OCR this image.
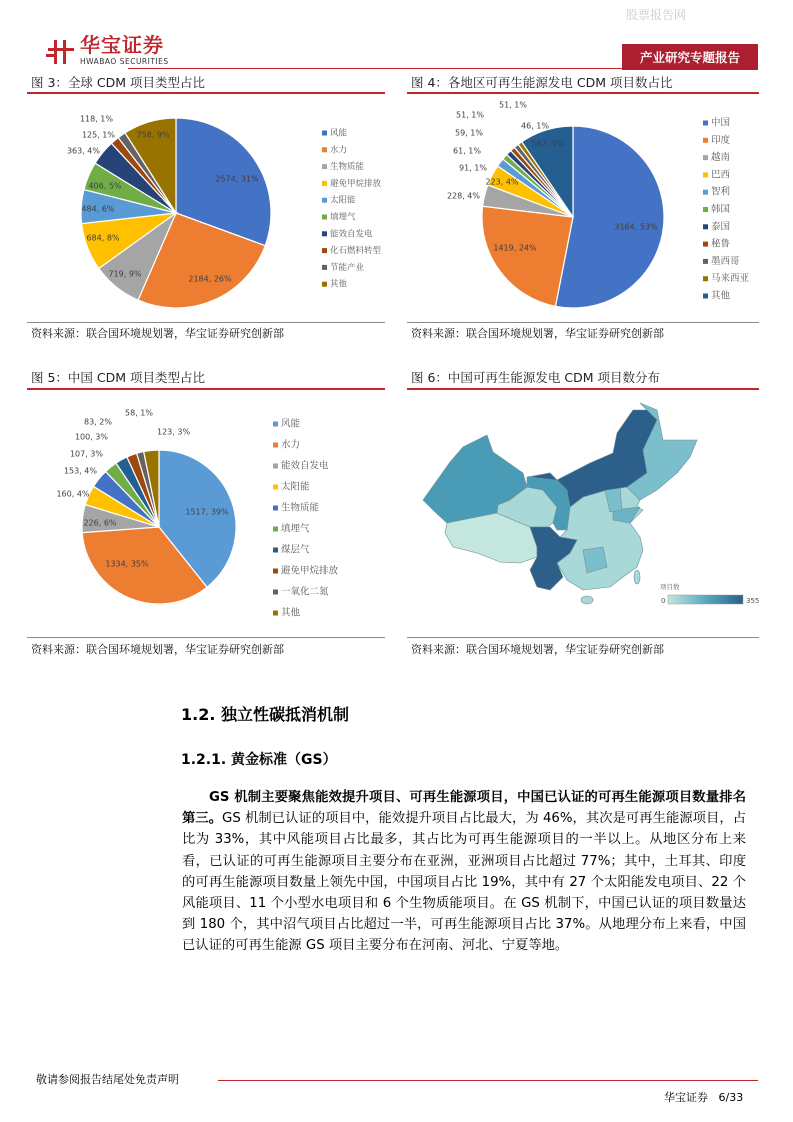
股票报告网
华宝证券
HWABAO SECURITIES	产业研究专题报告
图 3：全球 CDM 项目类型占比	图 4：各地区可再生能源发电 CDM 项目数占比
2574, 31%
2184, 26%
719, 9%
684, 8%
484, 6%
406, 5%
363, 4%
125, 1%
118, 1%
758, 9%	风能
水力
生物质能
避免甲烷排放
太阳能
填埋气
能效自发电
化石燃料转型
节能产业
其他
3164, 53%
1419, 24%
228, 4%
223, 4%
91, 1%
61, 1%
59, 1%
51, 1%
51, 1%
46, 1%
567, 9%
中国
印度
越南
巴西
智利
韩国
泰国
秘鲁
墨西哥
马来西亚
其他
资料来源：联合国环境规划署，华宝证券研究创新部	资料来源：联合国环境规划署，华宝证券研究创新部
图 5：中国 CDM 项目类型占比	图 6：中国可再生能源发电 CDM 项目数分布
1517, 39%
1334, 35%
226, 6%
160, 4%
153, 4%
107, 3%
100, 3%
83, 2%
58, 1%
123, 3%
风能
水力
能效自发电
太阳能
生物质能
填埋气
煤层气
避免甲烷排放
一氧化二氮
其他
项目数
0	355
资料来源：联合国环境规划署，华宝证券研究创新部	资料来源：联合国环境规划署，华宝证券研究创新部
1.2. 独立性碳抵消机制
1.2.1. 黄金标准（GS）
GS 机制主要聚焦能效提升项目、可再生能源项目，中国已认证的可再生能源项目数量排名第三。GS 机制已认证的项目中，能效提升项目占比最大，为 46%，其次是可再生能源项目，占比为 33%，其中风能项目占比最多，其占比为可再生能源项目的一半以上。从地区分布上来看，已认证的可再生能源项目主要分布在亚洲，亚洲项目占比超过 77%；其中，土耳其、印度的可再生能源项目数量上领先中国，中国项目占比 19%，其中有 27 个太阳能发电项目、22 个风能项目、11 个小型水电项目和 6 个生物质能项目。在 GS 机制下，中国已认证的项目数量达到 180 个，其中沼气项目占比超过一半，可再生能源项目占比 37%。从地理分布上来看，中国已认证的可再生能源 GS 项目主要分布在河南、河北、宁夏等地。
敬请参阅报告结尾处免责声明
华宝证券 6/33
